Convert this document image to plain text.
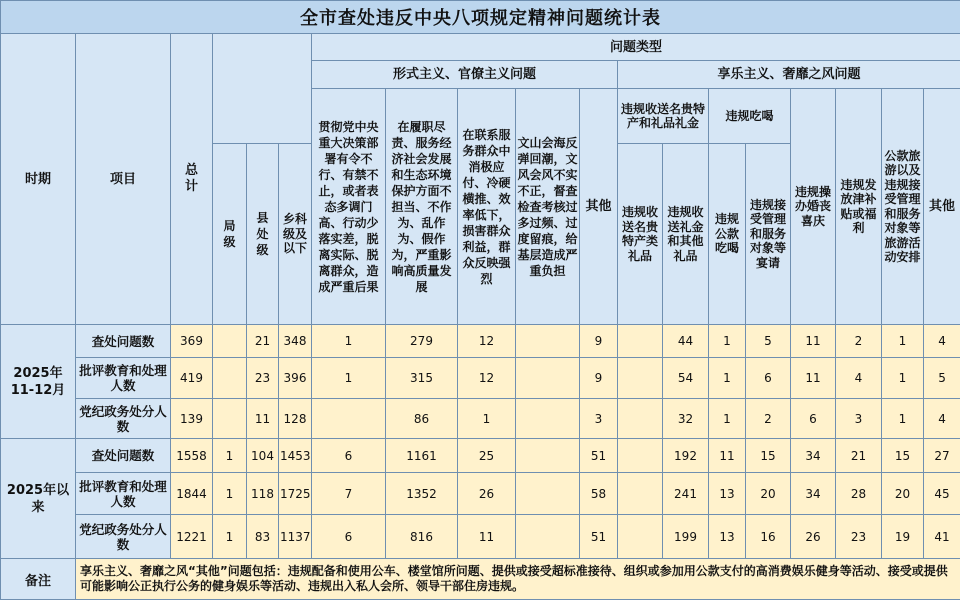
全市查处违反中央八项规定精神问题统计表																		
时期	项目	总 计				问题类型												
						形式主义、官僚主义问题					享乐主义、奢靡之风问题							
						贯彻党中央重大决策部署有令不行、有禁不止，或者表态多调门高、行动少落实差，脱离实际、脱离群众，造成严重后果	在履职尽责、服务经济社会发展和生态环境保护方面不担当、不作为、乱作为、假作为，严重影响高质量发展	在联系服务群众中消极应付、冷硬横推、效率低下，损害群众利益，群众反映强烈	文山会海反弹回潮，文风会风不实不正，督查检查考核过多过频、过度留痕，给基层造成严重负担	其他	违规收送名贵特产和礼品礼金		违规吃喝		违规操办婚丧喜庆	违规发放津补贴或福利	公款旅游以及违规接受管理和服务对象等旅游活动安排	其他
			局级	县处级	乡科级及以下						违规收送名贵特产类礼品	违规收送礼金和其他礼品	违规公款吃喝	违规接受管理和服务对象等宴请				

2025年11-12月	查处问题数	369		21	348	1	279	12		9		44	1	5	11	2	1	4
	批评教育和处理人数	419		23	396	1	315	12		9		54	1	6	11	4	1	5
	党纪政务处分人数	139		11	128		86	1		3		32	1	2	6	3	1	4
2025年以来	查处问题数	1558	1	104	1453	6	1161	25		51		192	11	15	34	21	15	27
	批评教育和处理人数	1844	1	118	1725	7	1352	26		58		241	13	20	34	28	20	45
	党纪政务处分人数	1221	1	83	1137	6	816	11		51		199	13	16	26	23	19	41
备注	享乐主义、奢靡之风“其他”问题包括：违规配备和使用公车、楼堂馆所问题、提供或接受超标准接待、组织或参加用公款支付的高消费娱乐健身等活动、接受或提供可能影响公正执行公务的健身娱乐等活动、违规出入私人会所、领导干部住房违规。																	
